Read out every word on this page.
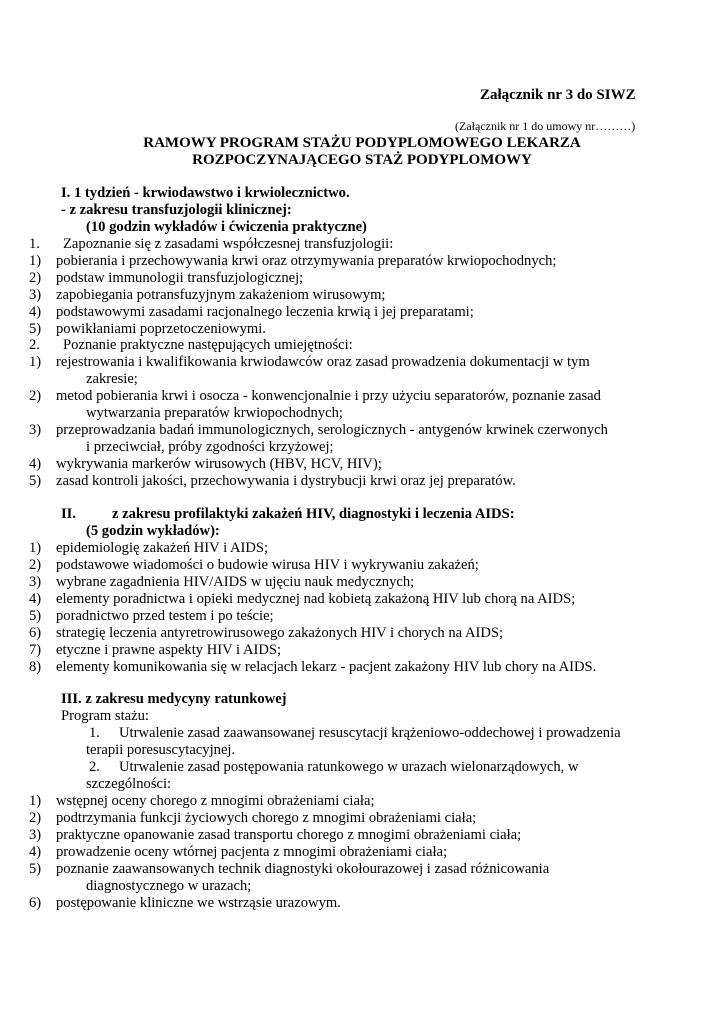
Załącznik nr 3 do SIWZ
(Załącznik nr 1 do umowy nr………)
RAMOWY PROGRAM STAŻU PODYPLOMOWEGO LEKARZA
ROZPOCZYNAJĄCEGO STAŻ PODYPLOMOWY
I. 1 tydzień - krwiodawstwo i krwiolecznictwo.
- z zakresu transfuzjologii klinicznej:
(10 godzin wykładów i ćwiczenia praktyczne)
1. Zapoznanie się z zasadami współczesnej transfuzjologii:
1) pobierania i przechowywania krwi oraz otrzymywania preparatów krwiopochodnych;
2) podstaw immunologii transfuzjologicznej;
3) zapobiegania potransfuzyjnym zakażeniom wirusowym;
4) podstawowymi zasadami racjonalnego leczenia krwią i jej preparatami;
5) powikłaniami poprzetoczeniowymi.
2. Poznanie praktyczne następujących umiejętności:
1) rejestrowania i kwalifikowania krwiodawców oraz zasad prowadzenia dokumentacji w tym
zakresie;
2) metod pobierania krwi i osocza - konwencjonalnie i przy użyciu separatorów, poznanie zasad
wytwarzania preparatów krwiopochodnych;
3) przeprowadzania badań immunologicznych, serologicznych - antygenów krwinek czerwonych
i przeciwciał, próby zgodności krzyżowej;
4) wykrywania markerów wirusowych (HBV, HCV, HIV);
5) zasad kontroli jakości, przechowywania i dystrybucji krwi oraz jej preparatów.
II. z zakresu profilaktyki zakażeń HIV, diagnostyki i leczenia AIDS:
(5 godzin wykładów):
1) epidemiologię zakażeń HIV i AIDS;
2) podstawowe wiadomości o budowie wirusa HIV i wykrywaniu zakażeń;
3) wybrane zagadnienia HIV/AIDS w ujęciu nauk medycznych;
4) elementy poradnictwa i opieki medycznej nad kobietą zakażoną HIV lub chorą na AIDS;
5) poradnictwo przed testem i po teście;
6) strategię leczenia antyretrowirusowego zakażonych HIV i chorych na AIDS;
7) etyczne i prawne aspekty HIV i AIDS;
8) elementy komunikowania się w relacjach lekarz - pacjent zakażony HIV lub chory na AIDS.
III. z zakresu medycyny ratunkowej
Program stażu:
1. Utrwalenie zasad zaawansowanej resuscytacji krążeniowo-oddechowej i prowadzenia
terapii poresuscytacyjnej.
2. Utrwalenie zasad postępowania ratunkowego w urazach wielonarządowych, w
szczególności:
1) wstępnej oceny chorego z mnogimi obrażeniami ciała;
2) podtrzymania funkcji życiowych chorego z mnogimi obrażeniami ciała;
3) praktyczne opanowanie zasad transportu chorego z mnogimi obrażeniami ciała;
4) prowadzenie oceny wtórnej pacjenta z mnogimi obrażeniami ciała;
5) poznanie zaawansowanych technik diagnostyki okołourazowej i zasad różnicowania
diagnostycznego w urazach;
6) postępowanie kliniczne we wstrząsie urazowym.
